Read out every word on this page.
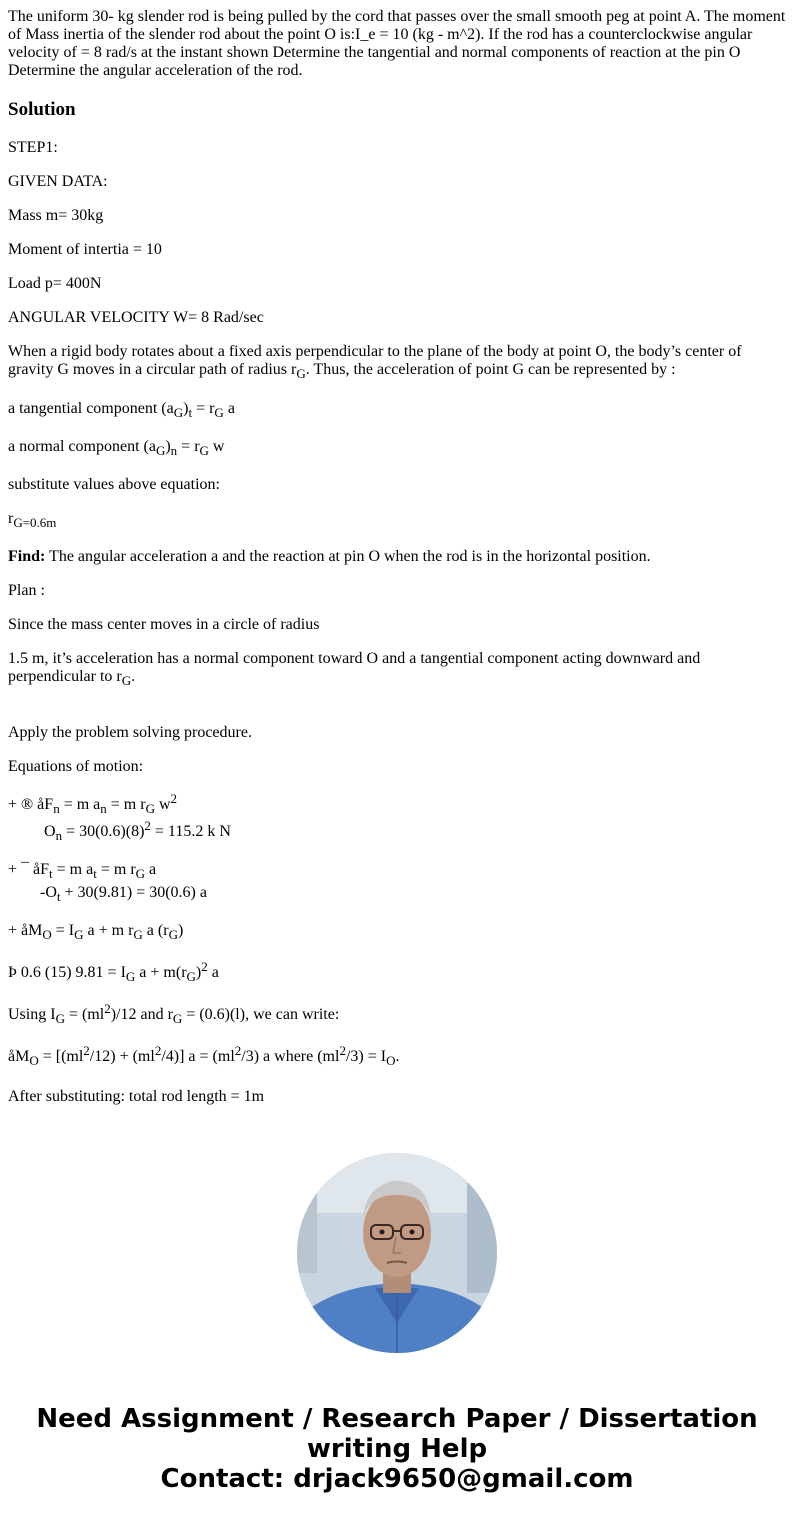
The uniform 30- kg slender rod is being pulled by the cord that passes over the small smooth peg at point A. The moment
of Mass inertia of the slender rod about the point O is:I_e = 10 (kg - m^2). If the rod has a counterclockwise angular
velocity of = 8 rad/s at the instant shown Determine the tangential and normal components of reaction at the pin O
Determine the angular acceleration of the rod.
Solution
STEP1:
GIVEN DATA:
Mass m= 30kg
Moment of intertia = 10
Load p= 400N
ANGULAR VELOCITY W= 8 Rad/sec
When a rigid body rotates about a fixed axis perpendicular to the plane of the body at point O, the body’s center of
gravity G moves in a circular path of radius $r_G$. Thus, the acceleration of point G can be represented by :
a tangential component $(a_G)_t = r_G$ a
a normal component $(a_G)_n = r_G$ w
substitute values above equation:
$r_{G=0.6m}$
Find: The angular acceleration a and the reaction at pin O when the rod is in the horizontal position.
Plan :
Since the mass center moves in a circle of radius
1.5 m, it’s acceleration has a normal component toward O and a tangential component acting downward and
perpendicular to $r_G$.
Apply the problem solving procedure.
Equations of motion:
+ ® $åF_n = m$ $a_n = m$ $r_G$ $w^2$
$O_n = 30(0.6)(8)^2 = 115.2$ k N
+ ¯ $åF_t = m$ $a_t = m$ $r_G$ a
$-O_t + 30(9.81) = 30(0.6)$ a
+ $åM_O = I_G$ a + m $r_G$ a $(r_G)$
Þ 0.6 (15) $9.81 = I_G$ $a + m(r_G)^2$ a
Using $I_G = (ml^2)/12$ and $r_G = (0.6)(l)$, we can write:
$åM_O = [(ml^2/12) + (ml^2/4)] a = (ml^2/3)$ a where $(ml^2/3) = I_O$.
After substituting: total rod length = 1m
Need Assignment / Research Paper / Dissertation
writing Help
Contact: drjack9650@gmail.com
